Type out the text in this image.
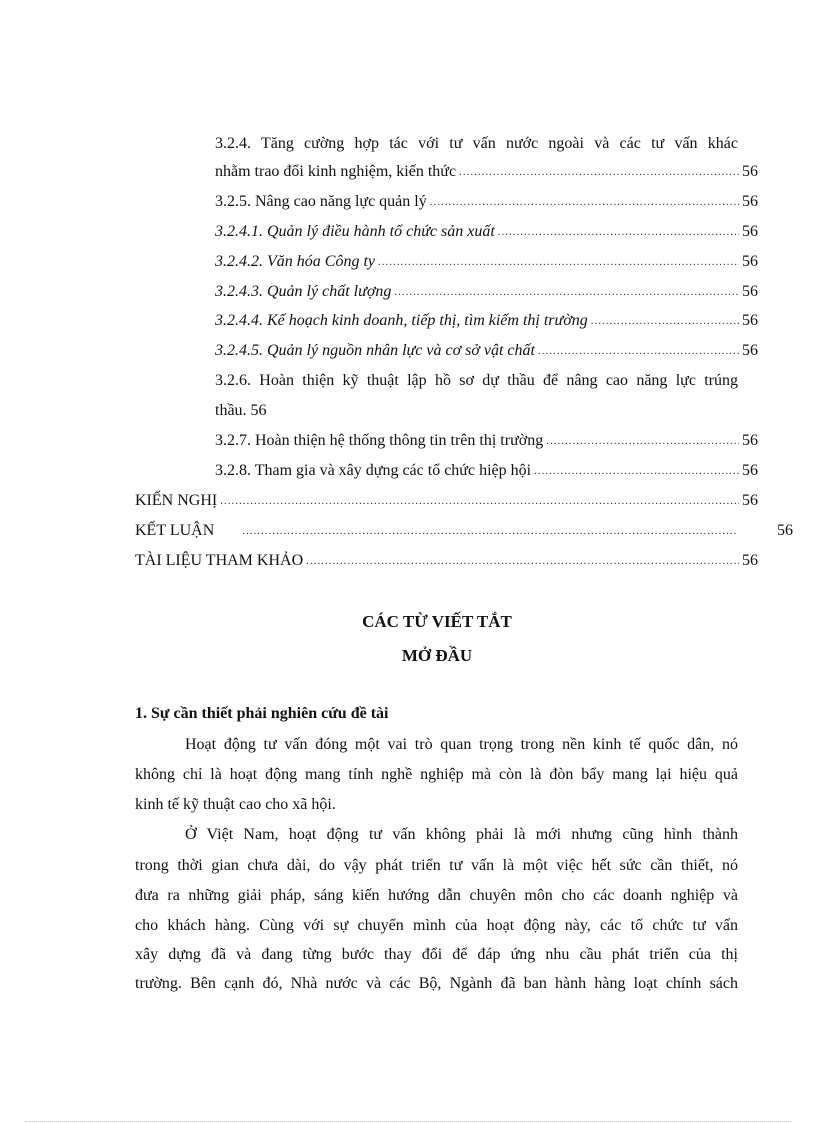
3.2.4. Tăng cường hợp tác với tư vấn nước ngoài và các tư vấn khác
nhằm trao đổi kinh nghiệm, kiến thức .....	56
3.2.5. Nâng cao năng lực quản lý .....	56
3.2.4.1. Quản lý điều hành tổ chức sản xuất .....	56
3.2.4.2. Văn hóa Công ty .....	56
3.2.4.3. Quản lý chất lượng .....	56
3.2.4.4. Kế hoạch kinh doanh, tiếp thị, tìm kiếm thị trường .....	56
3.2.4.5. Quản lý nguồn nhân lực và cơ sở vật chất .....	56
3.2.6. Hoàn thiện kỹ thuật lập hồ sơ dự thầu để nâng cao năng lực trúng
thầu. 56
3.2.7. Hoàn thiện hệ thống thông tin trên thị trường .....	56
3.2.8. Tham gia và xây dựng các tổ chức hiệp hội .....	56
KIẾN NGHỊ .....	56
KẾT LUẬN .....	56
TÀI LIỆU THAM KHẢO .....	56
CÁC TỪ VIẾT TẮT
MỞ ĐẦU
1. Sự cần thiết phải nghiên cứu đề tài
Hoạt động tư vấn đóng một vai trò quan trọng trong nền kinh tế quốc dân, nó
không chỉ là hoạt động mang tính nghề nghiệp mà còn là đòn bẩy mang lại hiệu quả
kinh tế kỹ thuật cao cho xã hội.
Ở Việt Nam, hoạt động tư vấn không phải là mới nhưng cũng hình thành
trong thời gian chưa dài, do vậy phát triển tư vấn là một việc hết sức cần thiết, nó
đưa ra những giải pháp, sáng kiến hướng dẫn chuyên môn cho các doanh nghiệp và
cho khách hàng. Cùng với sự chuyển mình của hoạt động này, các tổ chức tư vấn
xây dựng đã và đang từng bước thay đổi để đáp ứng nhu cầu phát triển của thị
trường. Bên cạnh đó, Nhà nước và các Bộ, Ngành đã ban hành hàng loạt chính sách
